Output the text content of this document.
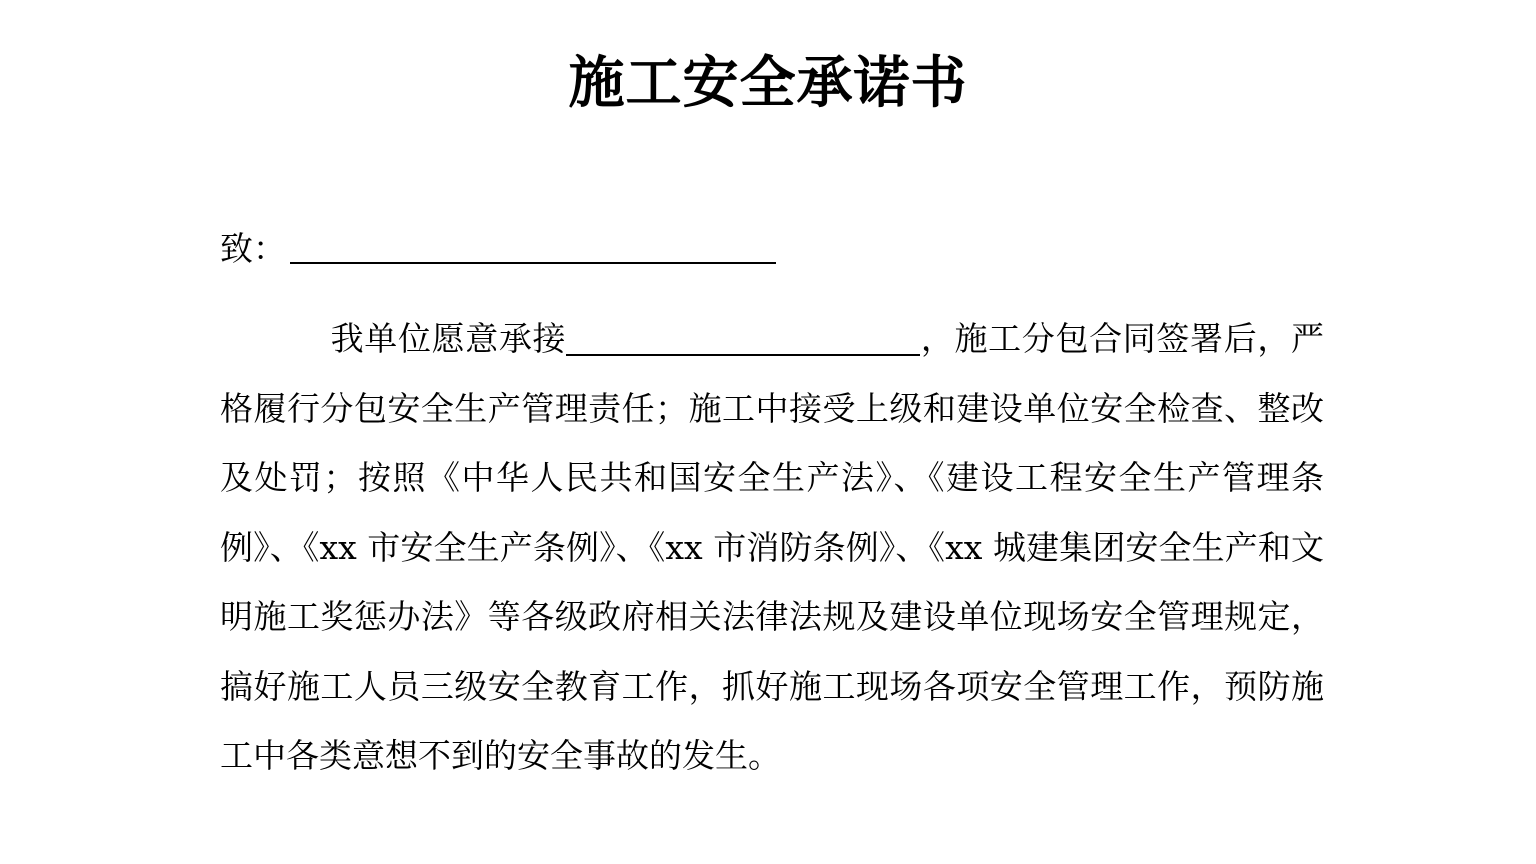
施工安全承诺书
致：

我单位愿意承接	，施工分包合同签署后，严格履行分包安全生产管理责任；施工中接受上级和建设单位安全检查、整改及处罚；按照《中华人民共和国安全生产法》、《建设工程安全生产管理条例》、《xx 市安全生产条例》、《xx 市消防条例》、《xx 城建集团安全生产和文明施工奖惩办法》等各级政府相关法律法规及建设单位现场安全管理规定，搞好施工人员三级安全教育工作，抓好施工现场各项安全管理工作，预防施工中各类意想不到的安全事故的发生。
